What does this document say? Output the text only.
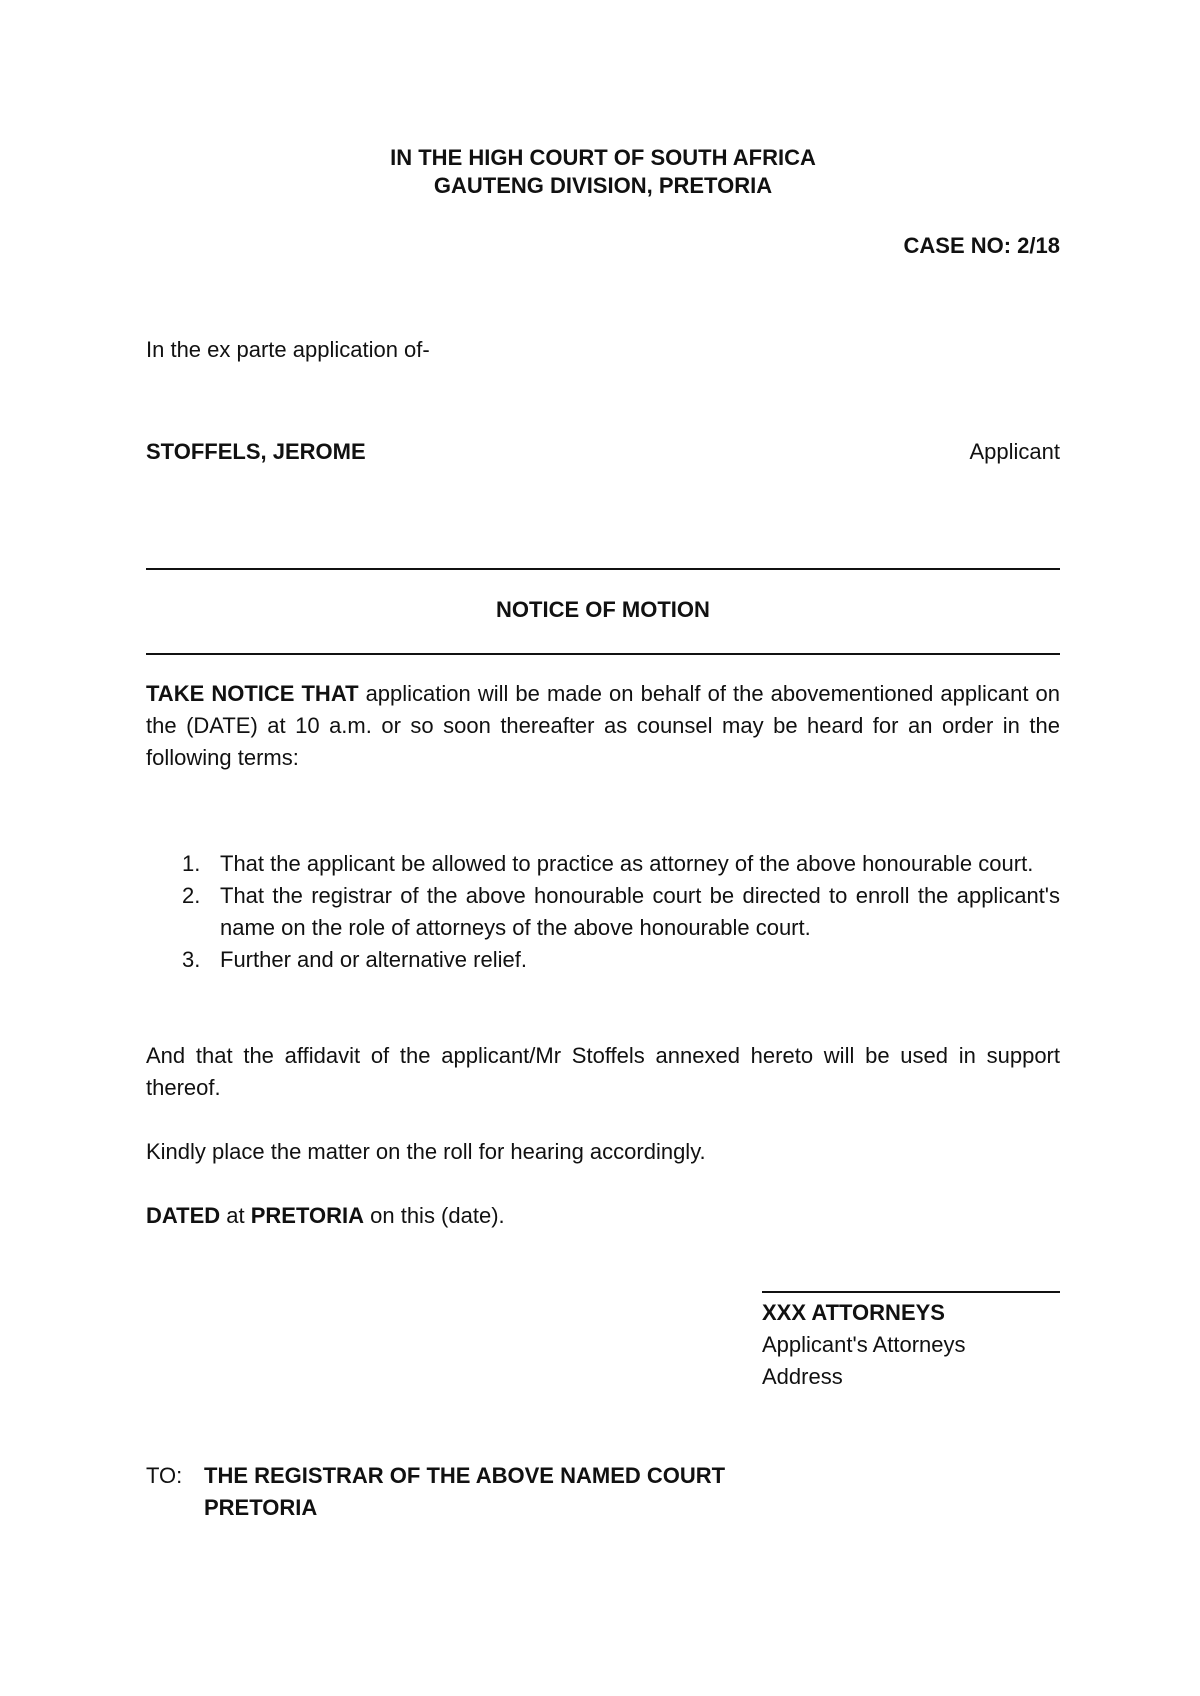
IN THE HIGH COURT OF SOUTH AFRICA
GAUTENG DIVISION, PRETORIA
CASE NO: 2/18
In the ex parte application of-
STOFFELS, JEROME	Applicant
NOTICE OF MOTION
TAKE NOTICE THAT application will be made on behalf of the abovementioned applicant on the (DATE) at 10 a.m. or so soon thereafter as counsel may be heard for an order in the following terms:
1. That the applicant be allowed to practice as attorney of the above honourable court.
2. That the registrar of the above honourable court be directed to enroll the applicant's name on the role of attorneys of the above honourable court.
3. Further and or alternative relief.
And that the affidavit of the applicant/Mr Stoffels annexed hereto will be used in support thereof.
Kindly place the matter on the roll for hearing accordingly.
DATED at PRETORIA on this (date).
XXX ATTORNEYS
Applicant's Attorneys
Address
TO: THE REGISTRAR OF THE ABOVE NAMED COURT
PRETORIA
